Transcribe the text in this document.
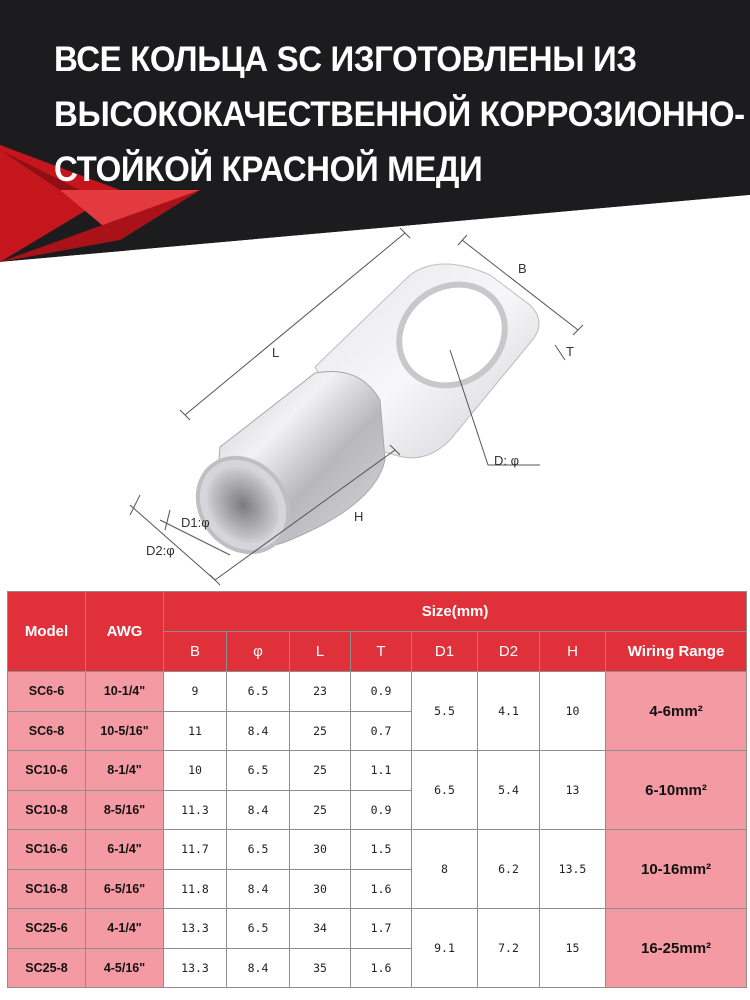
ВСЕ КОЛЬЦА SC ИЗГОТОВЛЕНЫ ИЗ
ВЫСОКОКАЧЕСТВЕННОЙ КОРРОЗИОННО-
СТОЙКОЙ КРАСНОЙ МЕДИ
B
T
L
D: φ
H
D1:φ
D2:φ
Model	AWG	Size(mm)							
		B	φ	L	T	D1	D2	H	Wiring Range
SC6-6	10-1/4"	9	6.5	23	0.9	5.5	4.1	10	4-6mm²
SC6-8	10-5/16"	11	8.4	25	0.7				
SC10-6	8-1/4"	10	6.5	25	1.1	6.5	5.4	13	6-10mm²
SC10-8	8-5/16"	11.3	8.4	25	0.9				
SC16-6	6-1/4"	11.7	6.5	30	1.5	8	6.2	13.5	10-16mm²
SC16-8	6-5/16"	11.8	8.4	30	1.6				
SC25-6	4-1/4"	13.3	6.5	34	1.7	9.1	7.2	15	16-25mm²
SC25-8	4-5/16"	13.3	8.4	35	1.6				
